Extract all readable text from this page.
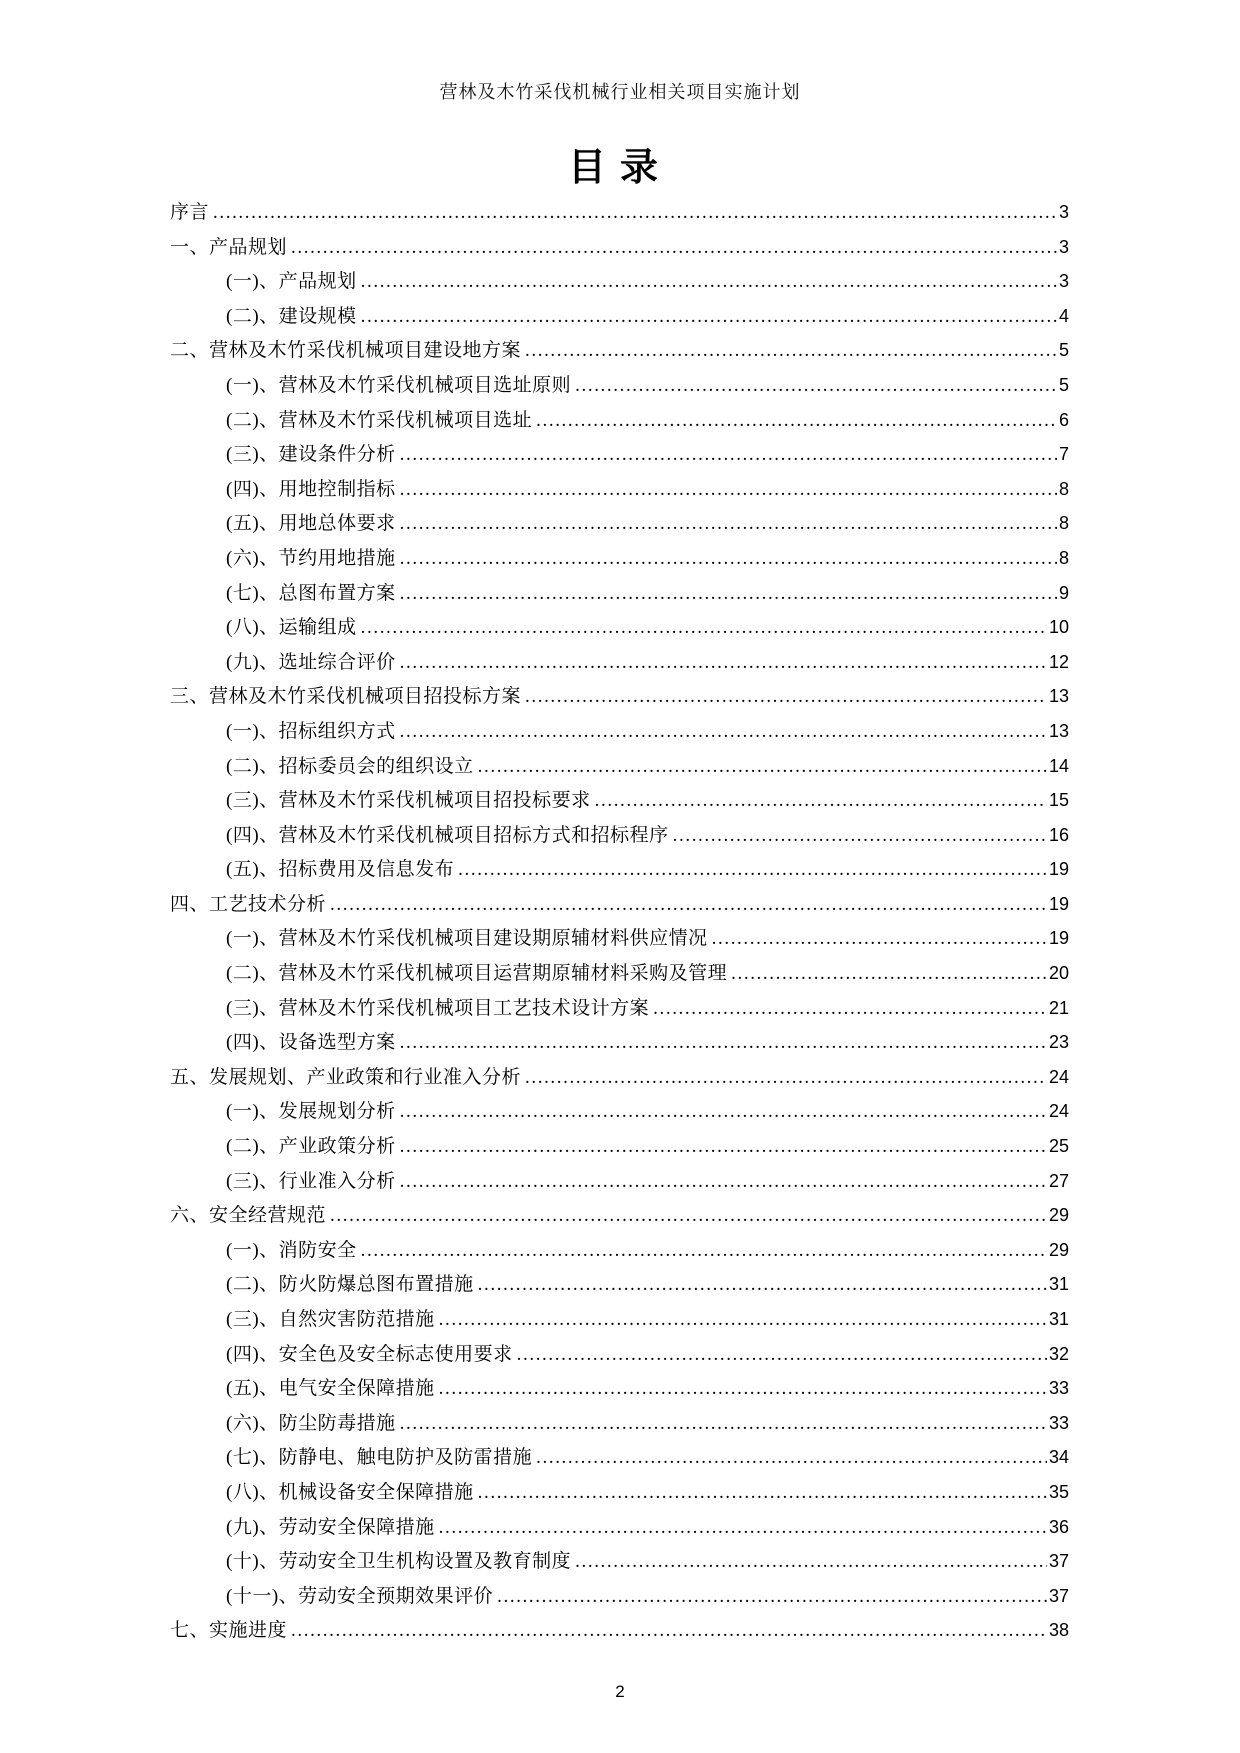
营林及木竹采伐机械行业相关项目实施计划
目录
序言 .....	3
一、产品规划 .....	3
(一)、产品规划 .....	3
(二)、建设规模 .....	4
二、营林及木竹采伐机械项目建设地方案 .....	5
(一)、营林及木竹采伐机械项目选址原则 .....	5
(二)、营林及木竹采伐机械项目选址 .....	6
(三)、建设条件分析 .....	7
(四)、用地控制指标 .....	8
(五)、用地总体要求 .....	8
(六)、节约用地措施 .....	8
(七)、总图布置方案 .....	9
(八)、运输组成 .....	10
(九)、选址综合评价 .....	12
三、营林及木竹采伐机械项目招投标方案 .....	13
(一)、招标组织方式 .....	13
(二)、招标委员会的组织设立 .....	14
(三)、营林及木竹采伐机械项目招投标要求 .....	15
(四)、营林及木竹采伐机械项目招标方式和招标程序 .....	16
(五)、招标费用及信息发布 .....	19
四、工艺技术分析 .....	19
(一)、营林及木竹采伐机械项目建设期原辅材料供应情况 .....	19
(二)、营林及木竹采伐机械项目运营期原辅材料采购及管理 .....	20
(三)、营林及木竹采伐机械项目工艺技术设计方案 .....	21
(四)、设备选型方案 .....	23
五、发展规划、产业政策和行业准入分析 .....	24
(一)、发展规划分析 .....	24
(二)、产业政策分析 .....	25
(三)、行业准入分析 .....	27
六、安全经营规范 .....	29
(一)、消防安全 .....	29
(二)、防火防爆总图布置措施 .....	31
(三)、自然灾害防范措施 .....	31
(四)、安全色及安全标志使用要求 .....	32
(五)、电气安全保障措施 .....	33
(六)、防尘防毒措施 .....	33
(七)、防静电、触电防护及防雷措施 .....	34
(八)、机械设备安全保障措施 .....	35
(九)、劳动安全保障措施 .....	36
(十)、劳动安全卫生机构设置及教育制度 .....	37
(十一)、劳动安全预期效果评价 .....	37
七、实施进度 .....	38
2
